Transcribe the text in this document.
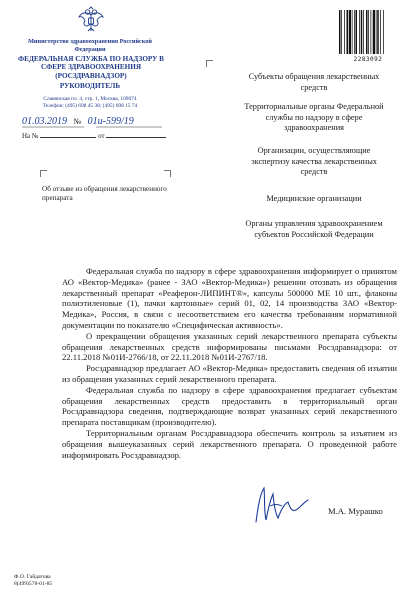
Министерство здравоохранения Российской Федерации
ФЕДЕРАЛЬНАЯ СЛУЖБА ПО НАДЗОРУ В СФЕРЕ ЗДРАВООХРАНЕНИЯ (РОСЗДРАВНАДЗОР)
РУКОВОДИТЕЛЬ
Славянская пл. 4, стр. 1, Москва, 109074
Телефон: (495) 698 45 38; (495) 698 15 74
01.03.2019 № 01и-599/19
На №	от
Об отзыве из обращения лекарственного препарата
2283092
Субъекты обращения лекарственных средств
Территориальные органы Федеральной службы по надзору в сфере здравоохранения
Организации, осуществляющие экспертизу качества лекарственных средств
Медицинские организации
Органы управления здравоохранением субъектов Российской Федерации

Федеральная служба по надзору в сфере здравоохранения информирует о принятом АО «Вектор-Медика» (ранее - ЗАО «Вектор-Медика») решении отозвать из обращения лекарственный препарат «Реаферон-ЛИПИНТ®», капсулы 500000 МЕ 10 шт., флаконы полиэтиленовые (1), пачки картонные» серий 01, 02, 14 производства ЗАО «Вектор-Медика», Россия, в связи с несоответствием его качества требованиям нормативной документации по показателю «Специфическая активность».

О прекращении обращения указанных серий лекарственного препарата субъекты обращения лекарственных средств информированы письмами Росздравнадзора: от 22.11.2018 №01И-2766/18, от 22.11.2018 №01И-2767/18.

Росздравнадзор предлагает АО «Вектор-Медика» предоставить сведения об изъятии из обращения указанных серий лекарственного препарата.

Федеральная служба по надзору в сфере здравоохранения предлагает субъектам обращения лекарственных средств предоставить в территориальный орган Росздравнадзора сведения, подтверждающие возврат указанных серий лекарственного препарата поставщикам (производителю).

Территориальным органам Росздравнадзора обеспечить контроль за изъятием из обращения вышеуказанных серий лекарственного препарата. О проведенной работе информировать Росздравнадзор.

М.А. Мурашко
Ф.О. Гайдатова
8(499)578-01-85
